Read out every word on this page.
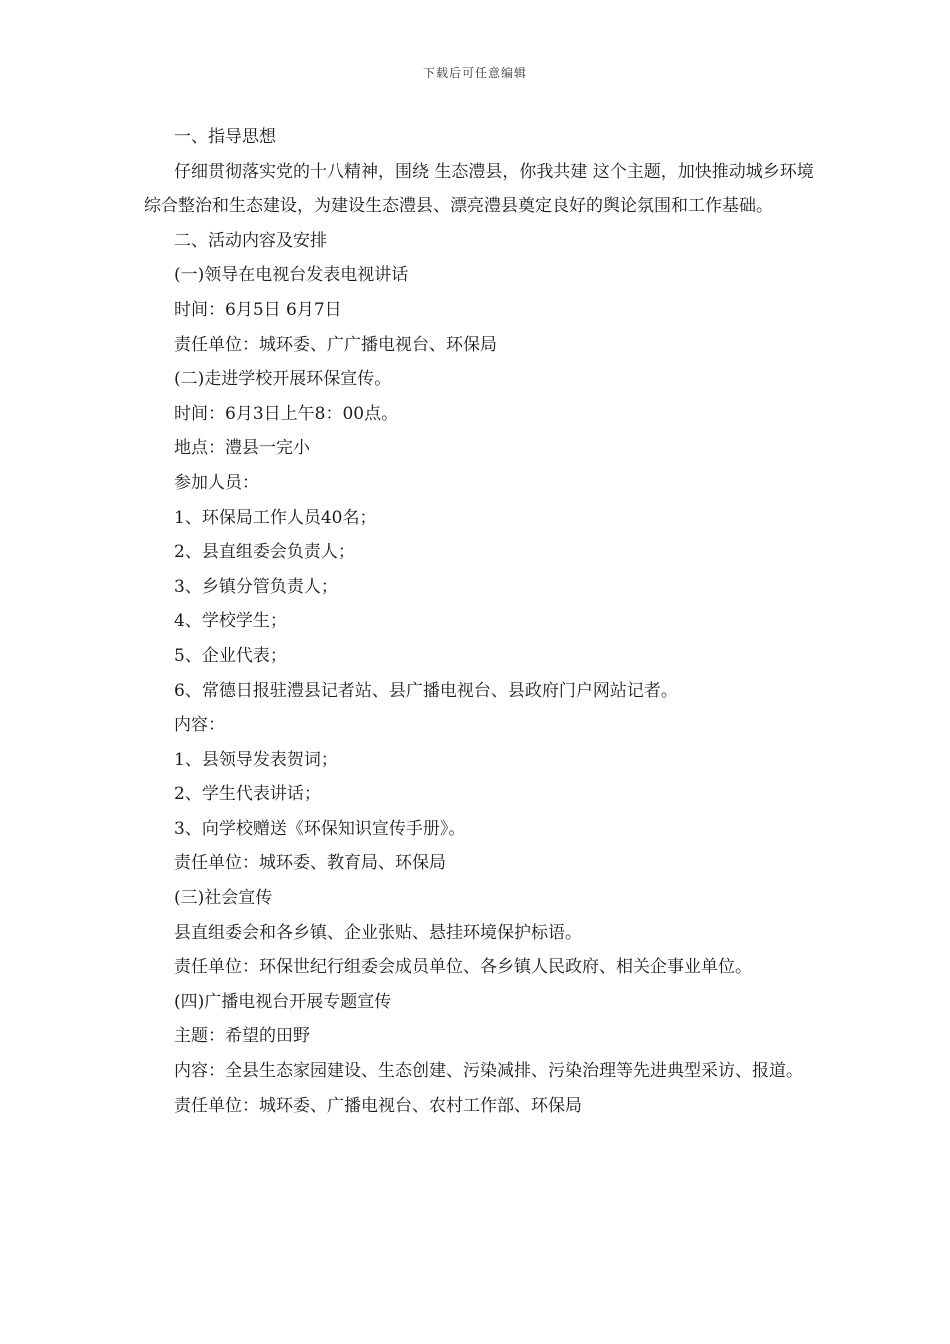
下载后可任意编辑

一、指导思想

仔细贯彻落实党的十八精神，围绕 生态澧县，你我共建 这个主题，加快推动城乡环境综合整治和生态建设，为建设生态澧县、漂亮澧县奠定良好的舆论氛围和工作基础。

二、活动内容及安排

(一)领导在电视台发表电视讲话

时间：6月5日 6月7日

责任单位：城环委、广广播电视台、环保局

(二)走进学校开展环保宣传。

时间：6月3日上午8：00点。

地点：澧县一完小

参加人员：

1、环保局工作人员40名；

2、县直组委会负责人；

3、乡镇分管负责人；

4、学校学生；

5、企业代表；

6、常德日报驻澧县记者站、县广播电视台、县政府门户网站记者。

内容：

1、县领导发表贺词；

2、学生代表讲话；

3、向学校赠送《环保知识宣传手册》。

责任单位：城环委、教育局、环保局

(三)社会宣传

县直组委会和各乡镇、企业张贴、悬挂环境保护标语。

责任单位：环保世纪行组委会成员单位、各乡镇人民政府、相关企事业单位。

(四)广播电视台开展专题宣传

主题：希望的田野

内容：全县生态家园建设、生态创建、污染减排、污染治理等先进典型采访、报道。

责任单位：城环委、广播电视台、农村工作部、环保局
